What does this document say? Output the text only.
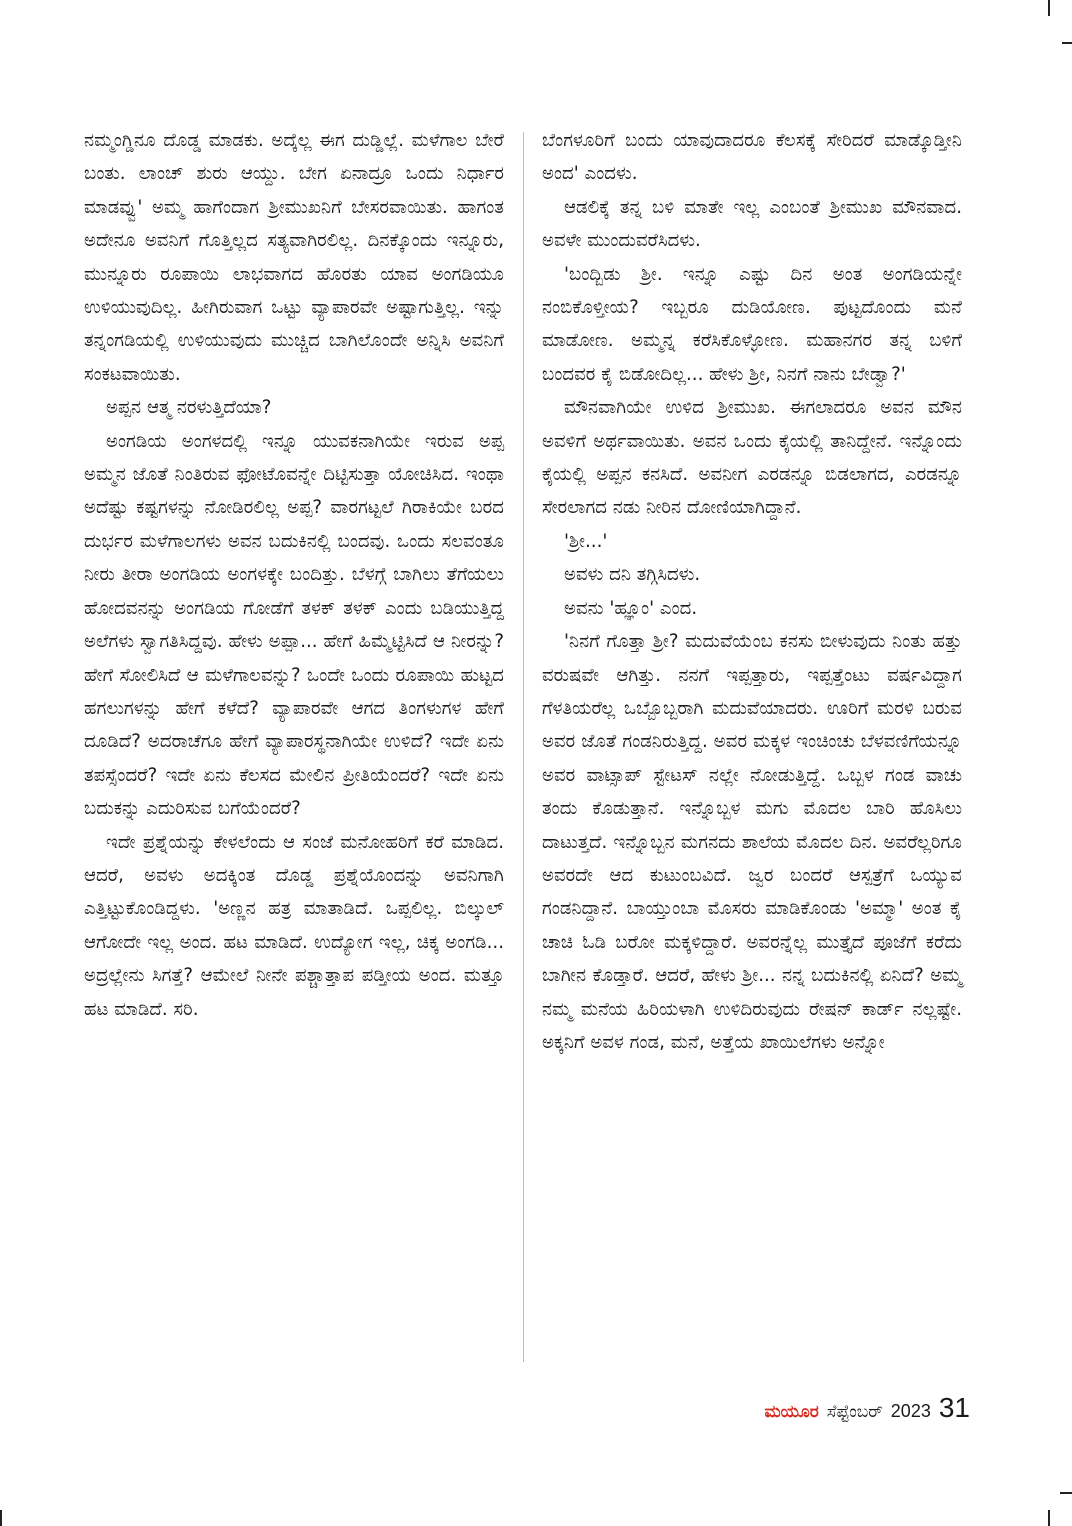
ನಮ್ಮಂಗ್ಡಿನೂ ದೊಡ್ಡ ಮಾಡಕು. ಅದ್ಕೆಲ್ಲ ಈಗ ದುಡ್ಡಿಲ್ಲೆ. ಮಳೆಗಾಲ ಬೇರೆ ಬಂತು. ಲಾಂಚ್ ಶುರು ಆಯ್ದು. ಬೇಗ ಏನಾದ್ರೂ ಒಂದು ನಿರ್ಧಾರ ಮಾಡವ್ವು' ಅಮ್ಮ ಹಾಗೆಂದಾಗ ಶ್ರೀಮುಖನಿಗೆ ಬೇಸರವಾಯಿತು. ಹಾಗಂತ ಅದೇನೂ ಅವನಿಗೆ ಗೊತ್ತಿಲ್ಲದ ಸತ್ಯವಾಗಿರಲಿಲ್ಲ. ದಿನಕ್ಕೊಂದು ಇನ್ನೂರು, ಮುನ್ನೂರು ರೂಪಾಯಿ ಲಾಭವಾಗದ ಹೊರತು ಯಾವ ಅಂಗಡಿಯೂ ಉಳಿಯುವುದಿಲ್ಲ. ಹೀಗಿರುವಾಗ ಒಟ್ಟು ವ್ಯಾಪಾರವೇ ಅಷ್ಟಾಗುತ್ತಿಲ್ಲ. ಇನ್ನು ತನ್ನಂಗಡಿಯಲ್ಲಿ ಉಳಿಯುವುದು ಮುಚ್ಚಿದ ಬಾಗಿಲೊಂದೇ ಅನ್ನಿಸಿ ಅವನಿಗೆ ಸಂಕಟವಾಯಿತು.

ಅಪ್ಪನ ಆತ್ಮ ನರಳುತ್ತಿದೆಯಾ?

ಅಂಗಡಿಯ ಅಂಗಳದಲ್ಲಿ ಇನ್ನೂ ಯುವಕನಾಗಿಯೇ ಇರುವ ಅಪ್ಪ ಅಮ್ಮನ ಜೊತೆ ನಿಂತಿರುವ ಫೋಟೊವನ್ನೇ ದಿಟ್ಟಿಸುತ್ತಾ ಯೋಚಿಸಿದ. ಇಂಥಾ ಅದೆಷ್ಟು ಕಷ್ಟಗಳನ್ನು ನೋಡಿರಲಿಲ್ಲ ಅಪ್ಪ? ವಾರಗಟ್ಟಲೆ ಗಿರಾಕಿಯೇ ಬರದ ದುರ್ಭರ ಮಳೆಗಾಲಗಳು ಅವನ ಬದುಕಿನಲ್ಲಿ ಬಂದವು. ಒಂದು ಸಲವಂತೂ ನೀರು ತೀರಾ ಅಂಗಡಿಯ ಅಂಗಳಕ್ಕೇ ಬಂದಿತ್ತು. ಬೆಳಗ್ಗೆ ಬಾಗಿಲು ತೆಗೆಯಲು ಹೋದವನನ್ನು ಅಂಗಡಿಯ ಗೋಡೆಗೆ ತಳಕ್ ತಳಕ್ ಎಂದು ಬಡಿಯುತ್ತಿದ್ದ ಅಲೆಗಳು ಸ್ವಾಗತಿಸಿದ್ದವು. ಹೇಳು ಅಪ್ಪಾ... ಹೇಗೆ ಹಿಮ್ಮೆಟ್ಟಿಸಿದೆ ಆ ನೀರನ್ನು? ಹೇಗೆ ಸೋಲಿಸಿದೆ ಆ ಮಳೆಗಾಲವನ್ನು? ಒಂದೇ ಒಂದು ರೂಪಾಯಿ ಹುಟ್ಟದ ಹಗಲುಗಳನ್ನು ಹೇಗೆ ಕಳೆದೆ? ವ್ಯಾಪಾರವೇ ಆಗದ ತಿಂಗಳುಗಳ ಹೇಗೆ ದೂಡಿದೆ? ಅದರಾಚೆಗೂ ಹೇಗೆ ವ್ಯಾಪಾರಸ್ಥನಾಗಿಯೇ ಉಳಿದೆ? ಇದೇ ಏನು ತಪಸ್ಸೆಂದರೆ? ಇದೇ ಏನು ಕೆಲಸದ ಮೇಲಿನ ಪ್ರೀತಿಯೆಂದರೆ? ಇದೇ ಏನು ಬದುಕನ್ನು ಎದುರಿಸುವ ಬಗೆಯೆಂದರೆ?

ಇದೇ ಪ್ರಶ್ನೆಯನ್ನು ಕೇಳಲೆಂದು ಆ ಸಂಜೆ ಮನೋಹರಿಗೆ ಕರೆ ಮಾಡಿದ. ಆದರೆ, ಅವಳು ಅದಕ್ಕಿಂತ ದೊಡ್ಡ ಪ್ರಶ್ನೆಯೊಂದನ್ನು ಅವನಿಗಾಗಿ ಎತ್ತಿಟ್ಟುಕೊಂಡಿದ್ದಳು. 'ಅಣ್ಣನ ಹತ್ರ ಮಾತಾಡಿದೆ. ಒಪ್ಪಲಿಲ್ಲ. ಬಿಲ್ಕುಲ್ ಆಗೋದೇ ಇಲ್ಲ ಅಂದ. ಹಟ ಮಾಡಿದೆ. ಉದ್ಯೋಗ ಇಲ್ಲ, ಚಿಕ್ಕ ಅಂಗಡಿ... ಅದ್ರಲ್ಲೇನು ಸಿಗತ್ತೆ? ಆಮೇಲೆ ನೀನೇ ಪಶ್ಚಾತ್ತಾಪ ಪಡ್ತೀಯ ಅಂದ. ಮತ್ತೂ ಹಟ ಮಾಡಿದೆ. ಸರಿ.

ಬೆಂಗಳೂರಿಗೆ ಬಂದು ಯಾವುದಾದರೂ ಕೆಲಸಕ್ಕೆ ಸೇರಿದರೆ ಮಾಡ್ಕೊಡ್ತೀನಿ ಅಂದ' ಎಂದಳು.

ಆಡಲಿಕ್ಕೆ ತನ್ನ ಬಳಿ ಮಾತೇ ಇಲ್ಲ ಎಂಬಂತೆ ಶ್ರೀಮುಖ ಮೌನವಾದ. ಅವಳೇ ಮುಂದುವರೆಸಿದಳು.

'ಬಂದ್ಬಿಡು ಶ್ರೀ. ಇನ್ನೂ ಎಷ್ಟು ದಿನ ಅಂತ ಅಂಗಡಿಯನ್ನೇ ನಂಬಿಕೊಳ್ತೀಯ? ಇಬ್ಬರೂ ದುಡಿಯೋಣ. ಪುಟ್ಟದೊಂದು ಮನೆ ಮಾಡೋಣ. ಅಮ್ಮನ್ನ ಕರೆಸಿಕೊಳ್ಳೋಣ. ಮಹಾನಗರ ತನ್ನ ಬಳಿಗೆ ಬಂದವರ ಕೈ ಬಿಡೋದಿಲ್ಲ... ಹೇಳು ಶ್ರೀ, ನಿನಗೆ ನಾನು ಬೇಡ್ವಾ?'

ಮೌನವಾಗಿಯೇ ಉಳಿದ ಶ್ರೀಮುಖ. ಈಗಲಾದರೂ ಅವನ ಮೌನ ಅವಳಿಗೆ ಅರ್ಥವಾಯಿತು. ಅವನ ಒಂದು ಕೈಯಲ್ಲಿ ತಾನಿದ್ದೇನೆ. ಇನ್ನೊಂದು ಕೈಯಲ್ಲಿ ಅಪ್ಪನ ಕನಸಿದೆ. ಅವನೀಗ ಎರಡನ್ನೂ ಬಿಡಲಾಗದ, ಎರಡನ್ನೂ ಸೇರಲಾಗದ ನಡು ನೀರಿನ ದೋಣಿಯಾಗಿದ್ದಾನೆ.

'ಶ್ರೀ...'

ಅವಳು ದನಿ ತಗ್ಗಿಸಿದಳು.

ಅವನು 'ಹ್ಞೂಂ' ಎಂದ.

'ನಿನಗೆ ಗೊತ್ತಾ ಶ್ರೀ? ಮದುವೆಯೆಂಬ ಕನಸು ಬೀಳುವುದು ನಿಂತು ಹತ್ತು ವರುಷವೇ ಆಗಿತ್ತು. ನನಗೆ ಇಪ್ಪತ್ತಾರು, ಇಪ್ಪತ್ತೆಂಟು ವರ್ಷವಿದ್ದಾಗ ಗೆಳತಿಯರೆಲ್ಲ ಒಬ್ಬೊಬ್ಬರಾಗಿ ಮದುವೆಯಾದರು. ಊರಿಗೆ ಮರಳಿ ಬರುವ ಅವರ ಜೊತೆ ಗಂಡನಿರುತ್ತಿದ್ದ. ಅವರ ಮಕ್ಕಳ ಇಂಚಿಂಚು ಬೆಳವಣಿಗೆಯನ್ನೂ ಅವರ ವಾಟ್ಸಾಪ್ ಸ್ಟೇಟಸ್ ನಲ್ಲೇ ನೋಡುತ್ತಿದ್ದೆ. ಒಬ್ಬಳ ಗಂಡ ವಾಚು ತಂದು ಕೊಡುತ್ತಾನೆ. ಇನ್ನೊಬ್ಬಳ ಮಗು ಮೊದಲ ಬಾರಿ ಹೊಸಿಲು ದಾಟುತ್ತದೆ. ಇನ್ನೊಬ್ಬನ ಮಗನದು ಶಾಲೆಯ ಮೊದಲ ದಿನ. ಅವರೆಲ್ಲರಿಗೂ ಅವರದೇ ಆದ ಕುಟುಂಬವಿದೆ. ಜ್ವರ ಬಂದರೆ ಆಸ್ಪತ್ರೆಗೆ ಒಯ್ಯುವ ಗಂಡನಿದ್ದಾನೆ. ಬಾಯ್ತುಂಬಾ ಮೊಸರು ಮಾಡಿಕೊಂಡು 'ಅಮ್ಮಾ' ಅಂತ ಕೈ ಚಾಚಿ ಓಡಿ ಬರೋ ಮಕ್ಕಳಿದ್ದಾರೆ. ಅವರನ್ನೆಲ್ಲ ಮುತ್ತೈದೆ ಪೂಜೆಗೆ ಕರೆದು ಬಾಗೀನ ಕೊಡ್ತಾರೆ. ಆದರೆ, ಹೇಳು ಶ್ರೀ... ನನ್ನ ಬದುಕಿನಲ್ಲಿ ಏನಿದೆ? ಅಮ್ಮ ನಮ್ಮ ಮನೆಯ ಹಿರಿಯಳಾಗಿ ಉಳಿದಿರುವುದು ರೇಷನ್ ಕಾರ್ಡ್ ನಲ್ಲಷ್ಟೇ. ಅಕ್ಕನಿಗೆ ಅವಳ ಗಂಡ, ಮನೆ, ಅತ್ತೆಯ ಖಾಯಿಲೆಗಳು ಅನ್ನೋ

ಮಯೂರ ಸೆಪ್ಟೆಂಬರ್ 2023 31
